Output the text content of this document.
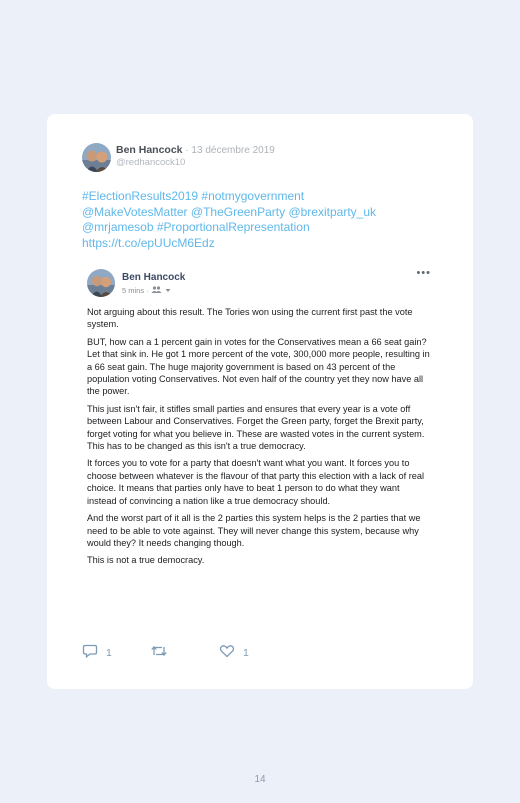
Ben Hancock · 13 décembre 2019
@redhancock10
#ElectionResults2019 #notmygovernment
@MakeVotesMatter @TheGreenParty @brexitparty_uk
@mrjamesob #ProportionalRepresentation
https://t.co/epUUcM6Edz
Ben Hancock
5 mins ·
•••

Not arguing about this result. The Tories won using the current first past the vote system.

BUT, how can a 1 percent gain in votes for the Conservatives mean a 66 seat gain? Let that sink in. He got 1 more percent of the vote, 300,000 more people, resulting in a 66 seat gain. The huge majority government is based on 43 percent of the population voting Conservatives. Not even half of the country yet they now have all the power.

This just isn't fair, it stifles small parties and ensures that every year is a vote off between Labour and Conservatives. Forget the Green party, forget the Brexit party, forget voting for what you believe in. These are wasted votes in the current system. This has to be changed as this isn't a true democracy.

It forces you to vote for a party that doesn't want what you want. It forces you to choose between whatever is the flavour of that party this election with a lack of real choice. It means that parties only have to beat 1 person to do what they want instead of convincing a nation like a true democracy should.

And the worst part of it all is the 2 parties this system helps is the 2 parties that we need to be able to vote against. They will never change this system, because why would they? It needs changing though.

This is not a true democracy.

1	1
14
